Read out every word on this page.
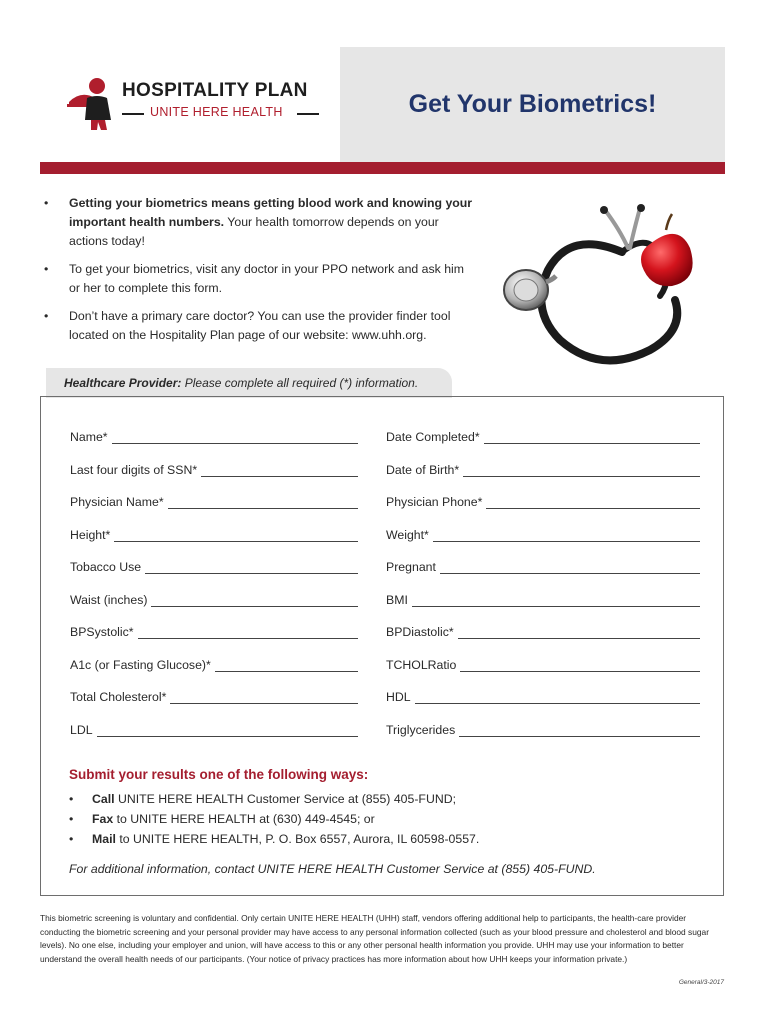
HOSPITALITY PLAN
UNITE HERE HEALTH	Get Your Biometrics!
• Getting your biometrics means getting blood work and knowing your important health numbers. Your health tomorrow depends on your actions today!
• To get your biometrics, visit any doctor in your PPO network and ask him or her to complete this form.
• Don’t have a primary care doctor? You can use the provider finder tool located on the Hospitality Plan page of our website: www.uhh.org.
Healthcare Provider: Please complete all required (*) information.
Name*	Date Completed*
Last four digits of SSN*	Date of Birth*
Physician Name*	Physician Phone*
Height*	Weight*
Tobacco Use	Pregnant
Waist (inches)	BMI
BPSystolic*	BPDiastolic*
A1c (or Fasting Glucose)*	TCHOLRatio
Total Cholesterol*	HDL
LDL	Triglycerides
Submit your results one of the following ways:
• Call UNITE HERE HEALTH Customer Service at (855) 405-FUND;
• Fax to UNITE HERE HEALTH at (630) 449-4545; or
• Mail to UNITE HERE HEALTH, P. O. Box 6557, Aurora, IL 60598-0557.
For additional information, contact UNITE HERE HEALTH Customer Service at (855) 405-FUND.
This biometric screening is voluntary and confidential. Only certain UNITE HERE HEALTH (UHH) staff, vendors offering additional help to participants, the health-care provider conducting the biometric screening and your personal provider may have access to any personal information collected (such as your blood pressure and cholesterol and blood sugar levels). No one else, including your employer and union, will have access to this or any other personal health information you provide. UHH may use your information to better understand the overall health needs of our participants. (Your notice of privacy practices has more information about how UHH keeps your information private.)
General/3-2017
